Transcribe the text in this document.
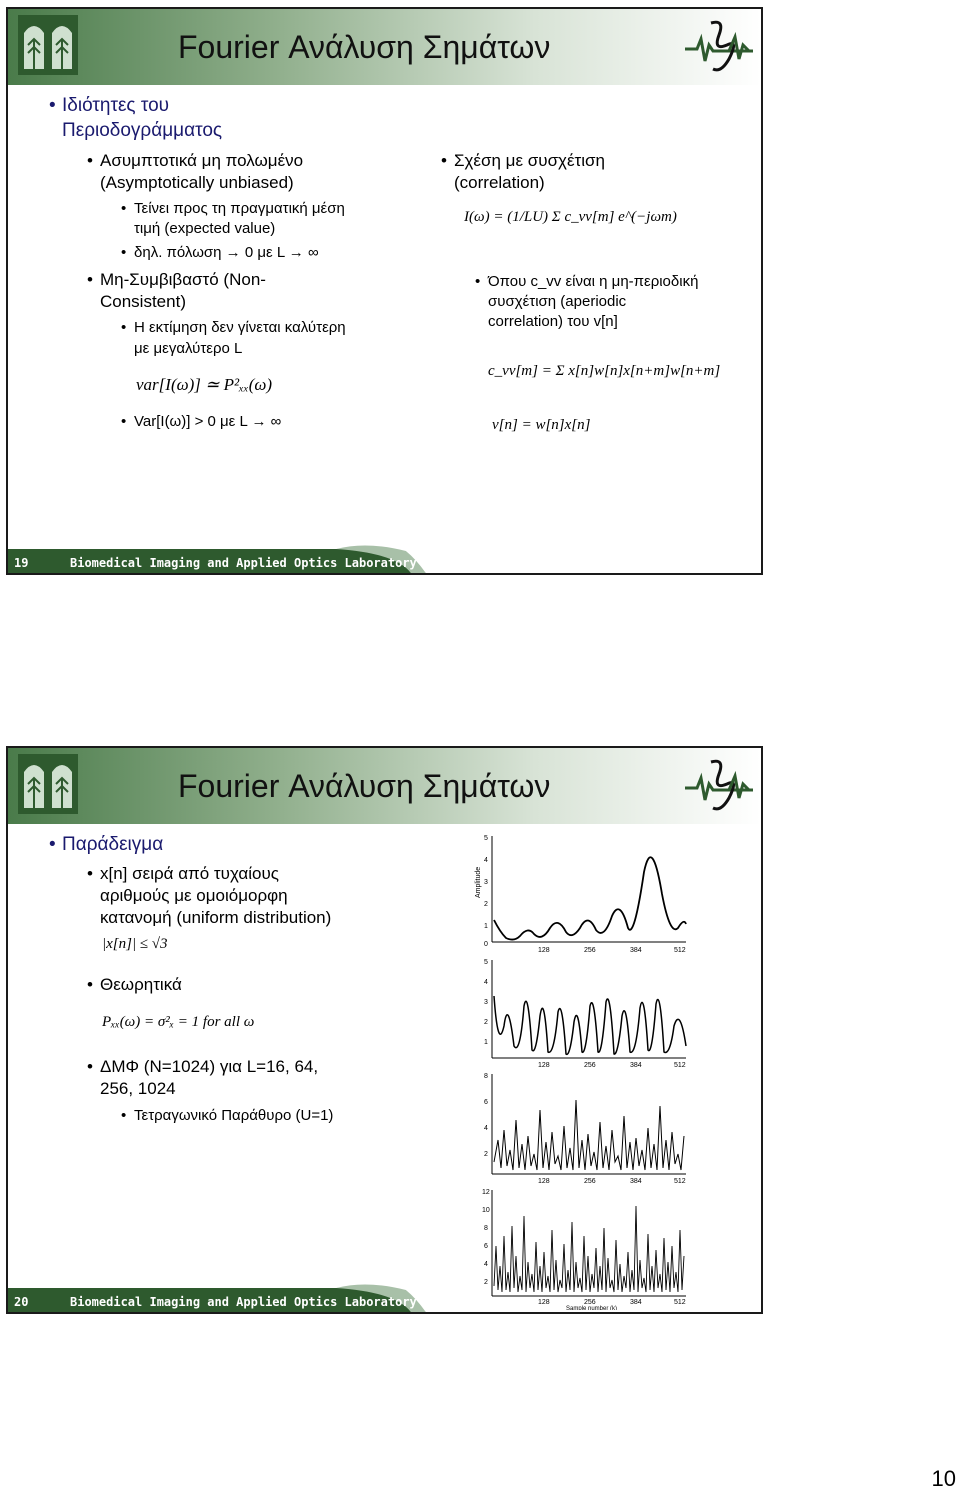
Fourier Ανάλυση Σημάτων
• Ιδιότητες του
Περιοδογράμματος
• Ασυμπτοτικά μη πολωμένο
(Asymptotically unbiased)
• Τείνει προς τη πραγματική μέση
τιμή (expected value)
• δηλ. πόλωση → 0 με L → ∞
• Μη-Συμβιβαστό (Non-
Consistent)
• Η εκτίμηση δεν γίνεται καλύτερη
με μεγαλύτερο L
var[I(ω)] ≃ P²ₓₓ(ω)
• Var[I(ω)] > 0 με L → ∞
• Σχέση με συσχέτιση
(correlation)
I(ω) = (1/LU) Σ c_vv[m] e^(−jωm)
• Όπου c_vv είναι η μη-περιοδική
συσχέτιση (aperiodic
correlation) του v[n]
c_vv[m] = Σ x[n]w[n]x[n+m]w[n+m]
v[n] = w[n]x[n]
19	Biomedical Imaging and Applied Optics Laboratory
Fourier Ανάλυση Σημάτων
• Παράδειγμα
• x[n] σειρά από τυχαίους
αριθμούς με ομοιόμορφη
κατανομή (uniform distribution)
|x[n]| ≤ √3
• Θεωρητικά
Pₓₓ(ω) = σ²ₓ = 1 for all ω
• ΔΜΦ (N=1024) για L=16, 64,
256, 1024
• Τετραγωνικό Παράθυρο (U=1)
Amplitude
5
4
3
2
1
0
128	256	384	512
5
4
3
2
1
128	256	384	512
8
6
4
2
128	256	384	512
12
10
8
6
4
2
128	256	384	512
Sample number (k)
20	Biomedical Imaging and Applied Optics Laboratory
10
